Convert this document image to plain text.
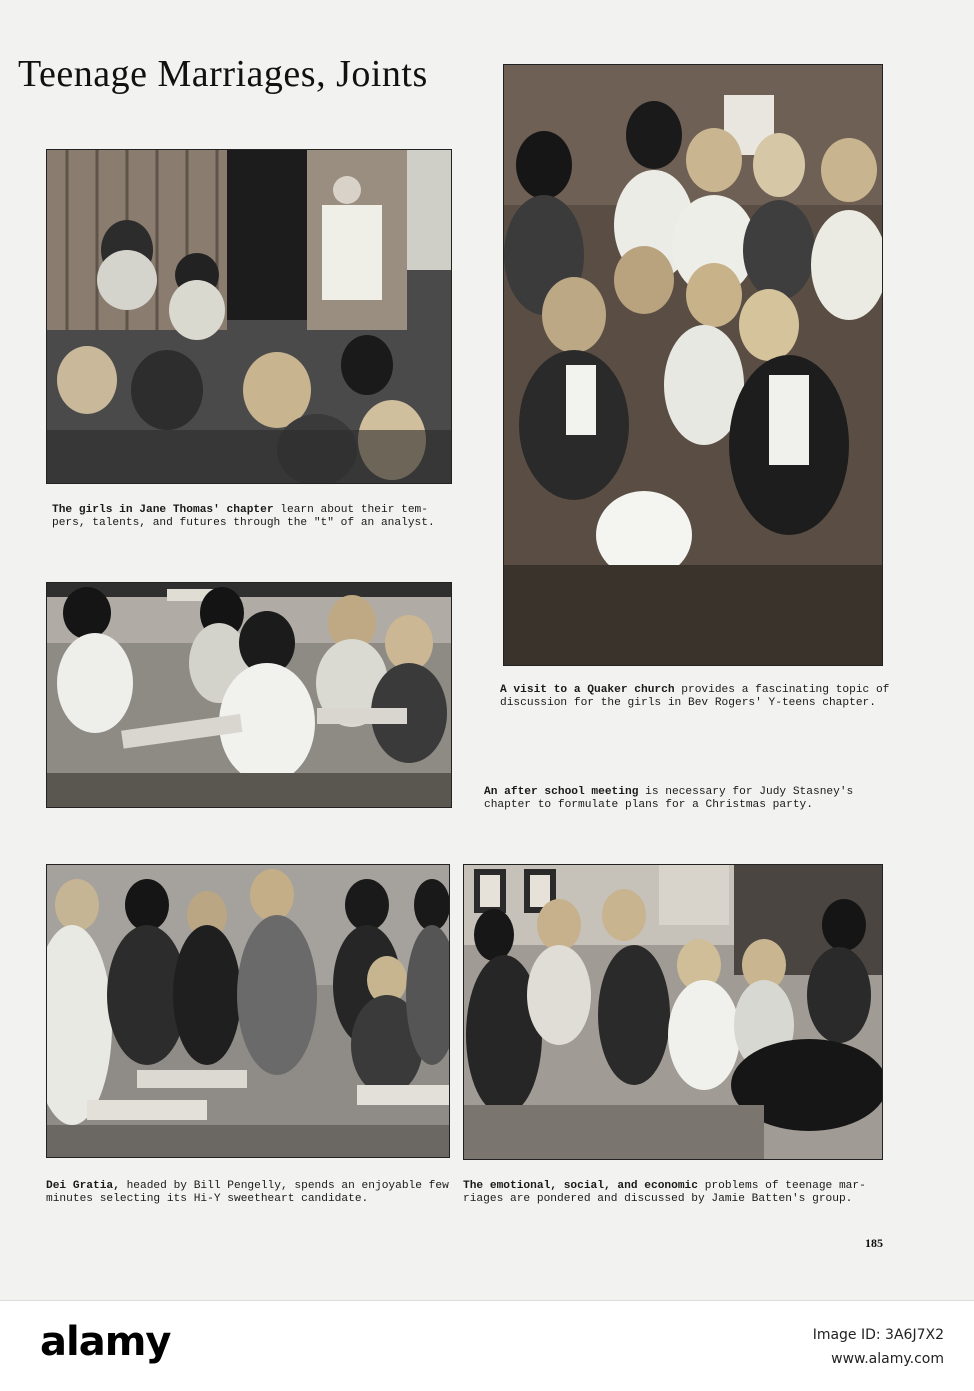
Teenage Marriages, Joints

The girls in Jane Thomas' chapter learn about their tem-
pers, talents, and futures through the "t" of an analyst.

A visit to a Quaker church provides a fascinating topic of
discussion for the girls in Bev Rogers' Y-teens chapter.

An after school meeting is necessary for Judy Stasney's
chapter to formulate plans for a Christmas party.

Dei Gratia, headed by Bill Pengelly, spends an enjoyable few
minutes selecting its Hi-Y sweetheart candidate.

The emotional, social, and economic problems of teenage mar-
riages are pondered and discussed by Jamie Batten's group.

185
alamy	Image ID: 3A6J7X2
www.alamy.com
